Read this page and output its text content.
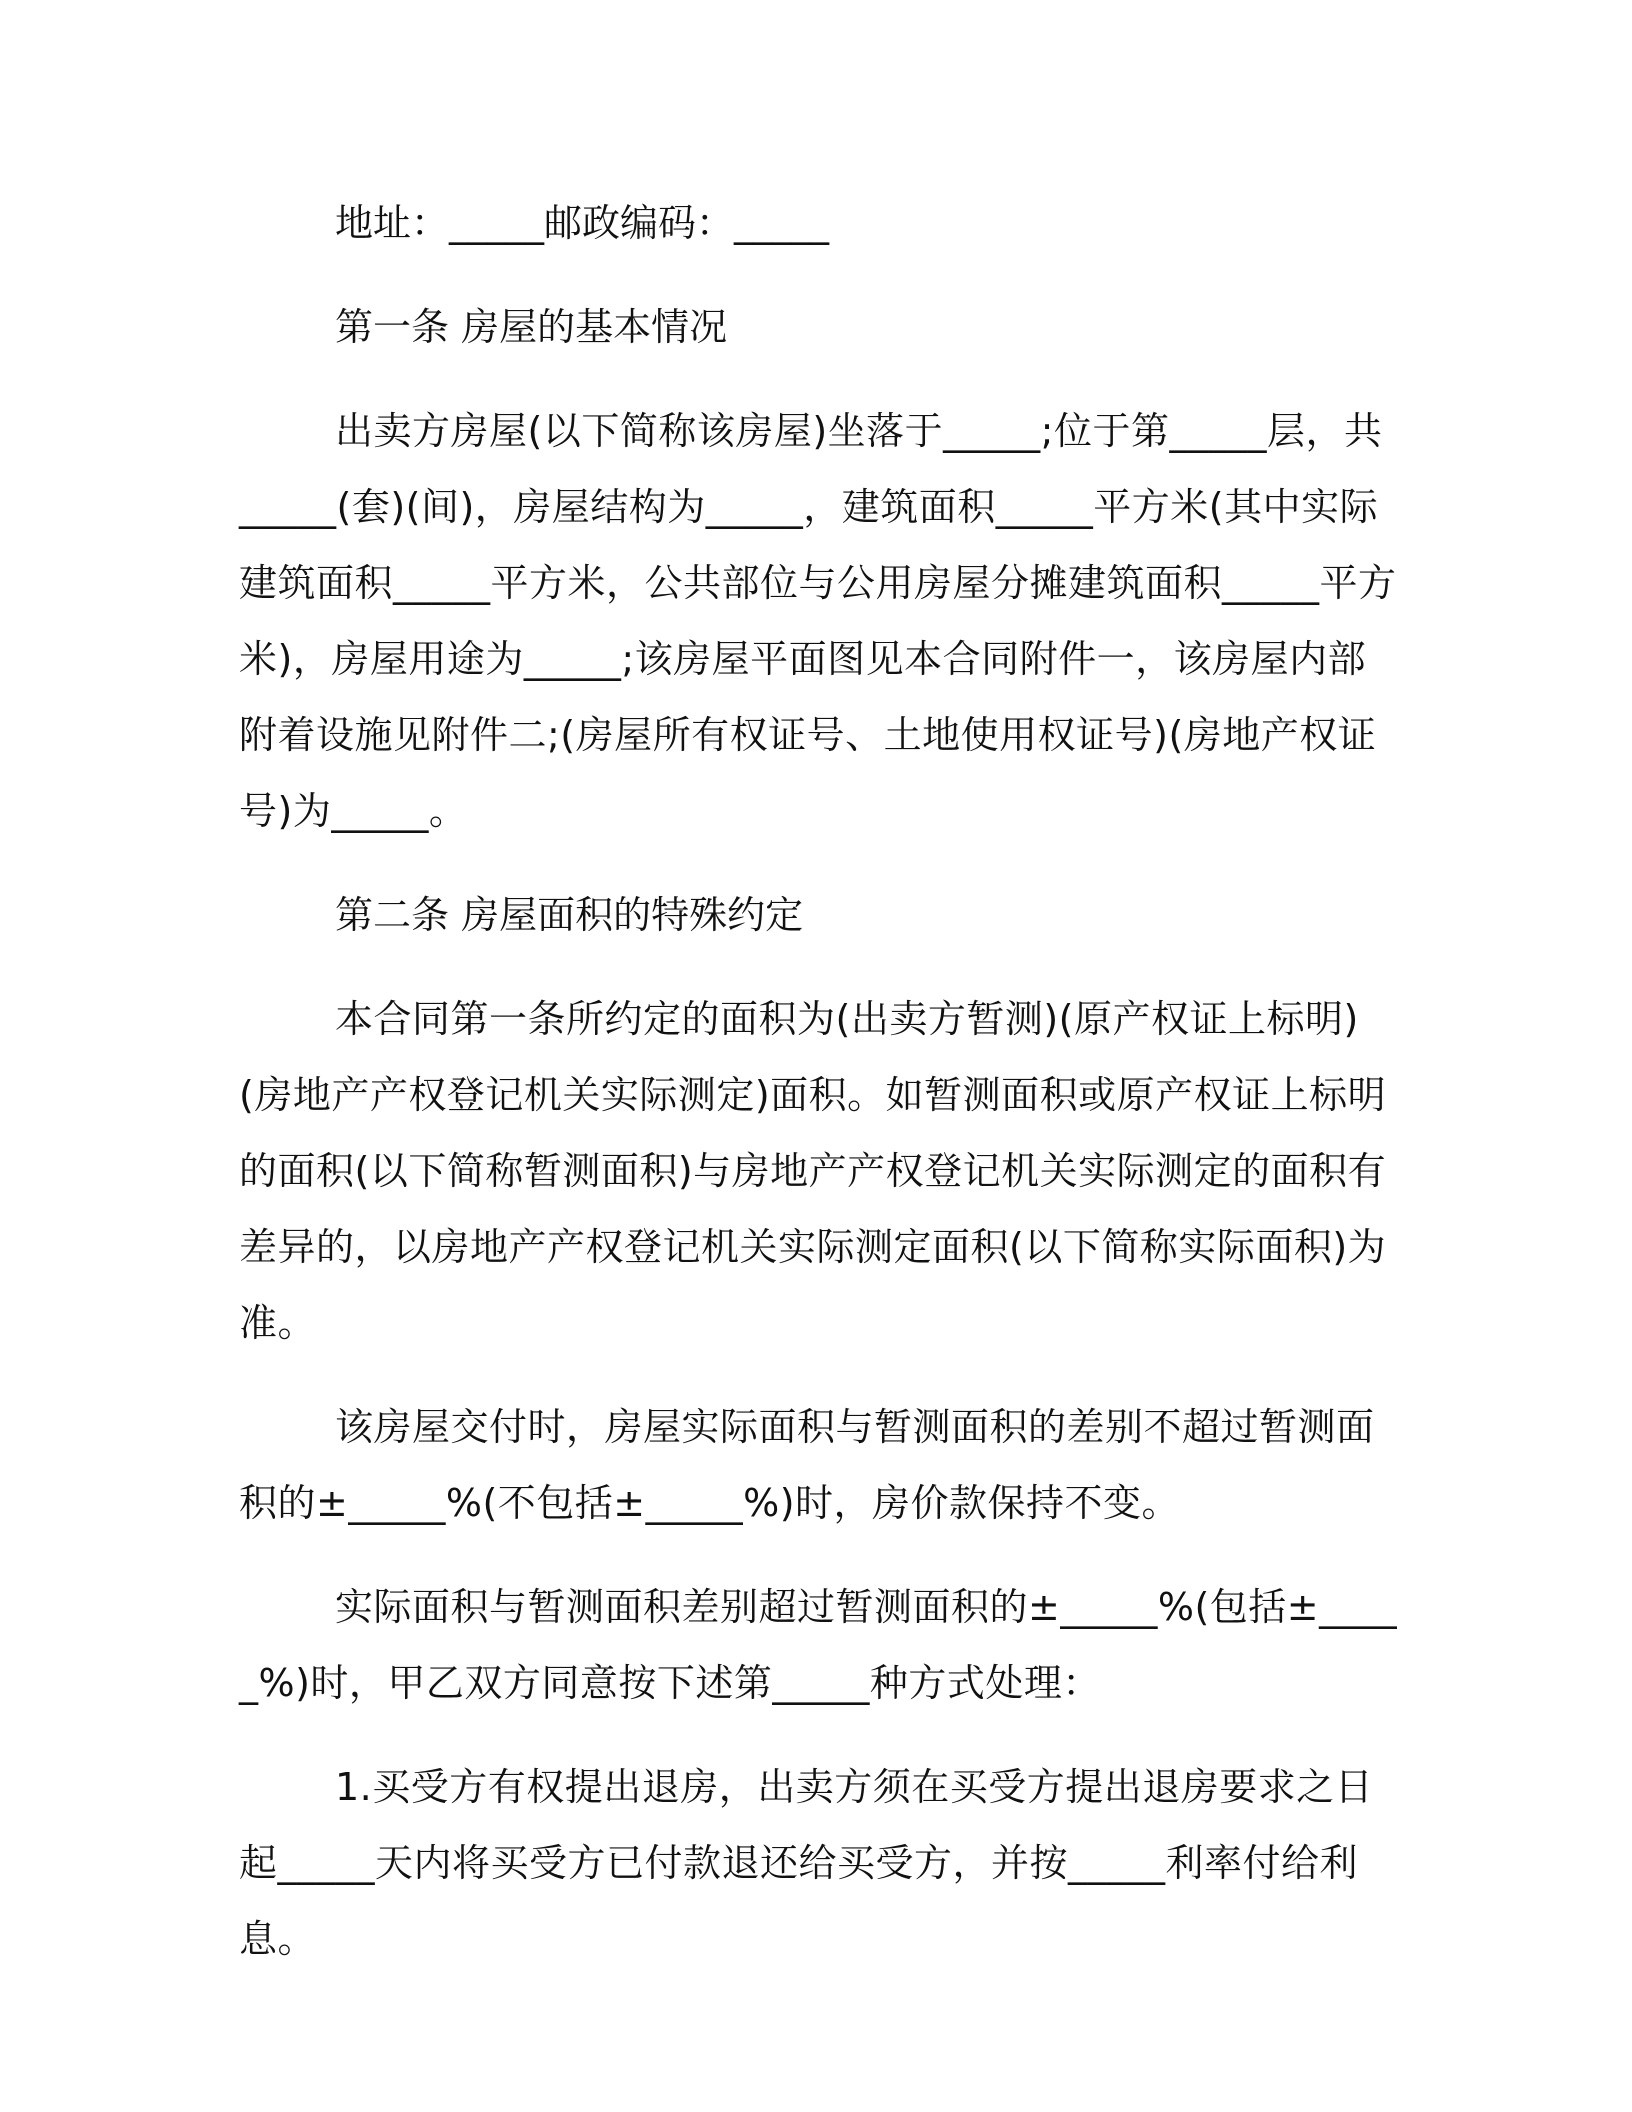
地址：_____邮政编码：_____

第一条 房屋的基本情况

出卖方房屋(以下简称该房屋)坐落于_____;位于第_____层，共_____(套)(间)，房屋结构为_____，建筑面积_____平方米(其中实际建筑面积_____平方米，公共部位与公用房屋分摊建筑面积_____平方米)，房屋用途为_____;该房屋平面图见本合同附件一，该房屋内部附着设施见附件二;(房屋所有权证号、土地使用权证号)(房地产权证号)为_____。

第二条 房屋面积的特殊约定

本合同第一条所约定的面积为(出卖方暂测)(原产权证上标明)(房地产产权登记机关实际测定)面积。如暂测面积或原产权证上标明的面积(以下简称暂测面积)与房地产产权登记机关实际测定的面积有差异的，以房地产产权登记机关实际测定面积(以下简称实际面积)为准。

该房屋交付时，房屋实际面积与暂测面积的差别不超过暂测面积的±_____%(不包括±_____%)时，房价款保持不变。

实际面积与暂测面积差别超过暂测面积的±_____%(包括±_____%)时，甲乙双方同意按下述第_____种方式处理：

1.买受方有权提出退房，出卖方须在买受方提出退房要求之日起_____天内将买受方已付款退还给买受方，并按_____利率付给利息。
